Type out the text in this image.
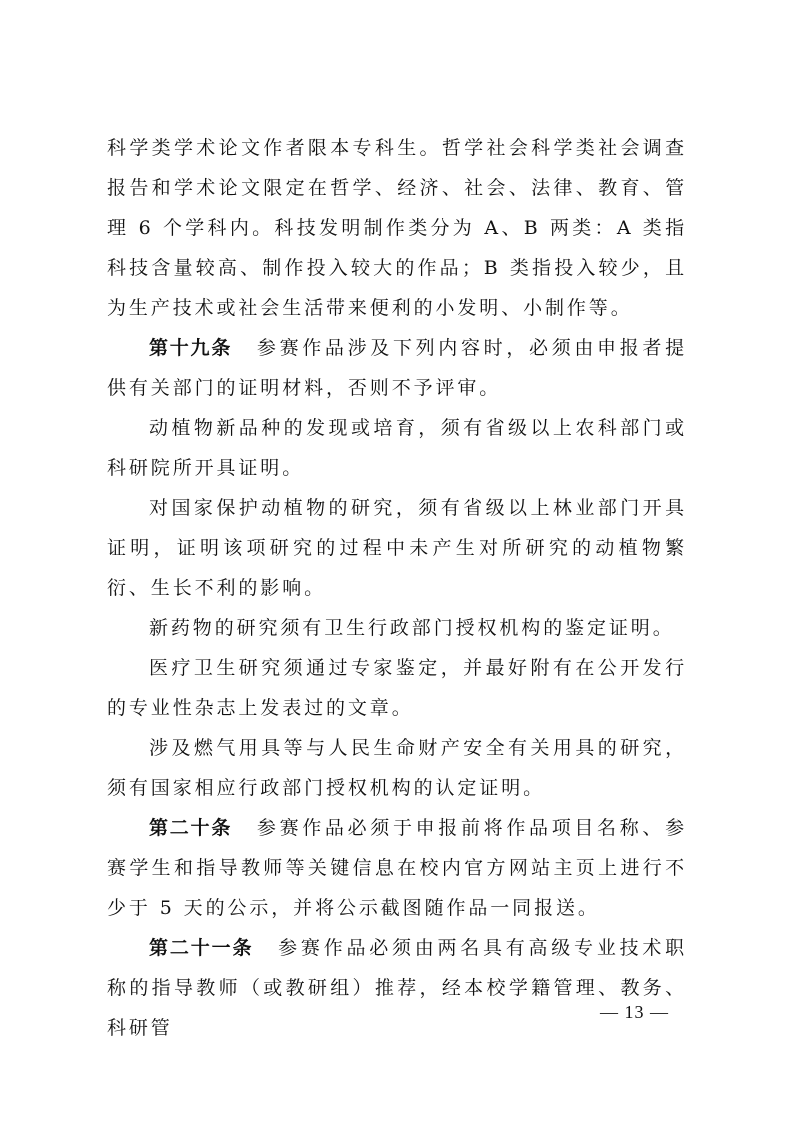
科学类学术论文作者限本专科生。哲学社会科学类社会调查报告和学术论文限定在哲学、经济、社会、法律、教育、管理 6 个学科内。科技发明制作类分为 A、B 两类：A 类指科技含量较高、制作投入较大的作品；B 类指投入较少，且为生产技术或社会生活带来便利的小发明、小制作等。

第十九条 参赛作品涉及下列内容时，必须由申报者提供有关部门的证明材料，否则不予评审。

动植物新品种的发现或培育，须有省级以上农科部门或科研院所开具证明。

对国家保护动植物的研究，须有省级以上林业部门开具证明，证明该项研究的过程中未产生对所研究的动植物繁衍、生长不利的影响。

新药物的研究须有卫生行政部门授权机构的鉴定证明。

医疗卫生研究须通过专家鉴定，并最好附有在公开发行的专业性杂志上发表过的文章。

涉及燃气用具等与人民生命财产安全有关用具的研究，须有国家相应行政部门授权机构的认定证明。

第二十条 参赛作品必须于申报前将作品项目名称、参赛学生和指导教师等关键信息在校内官方网站主页上进行不少于 5 天的公示，并将公示截图随作品一同报送。

第二十一条 参赛作品必须由两名具有高级专业技术职称的指导教师（或教研组）推荐，经本校学籍管理、教务、科研管

— 13 —
